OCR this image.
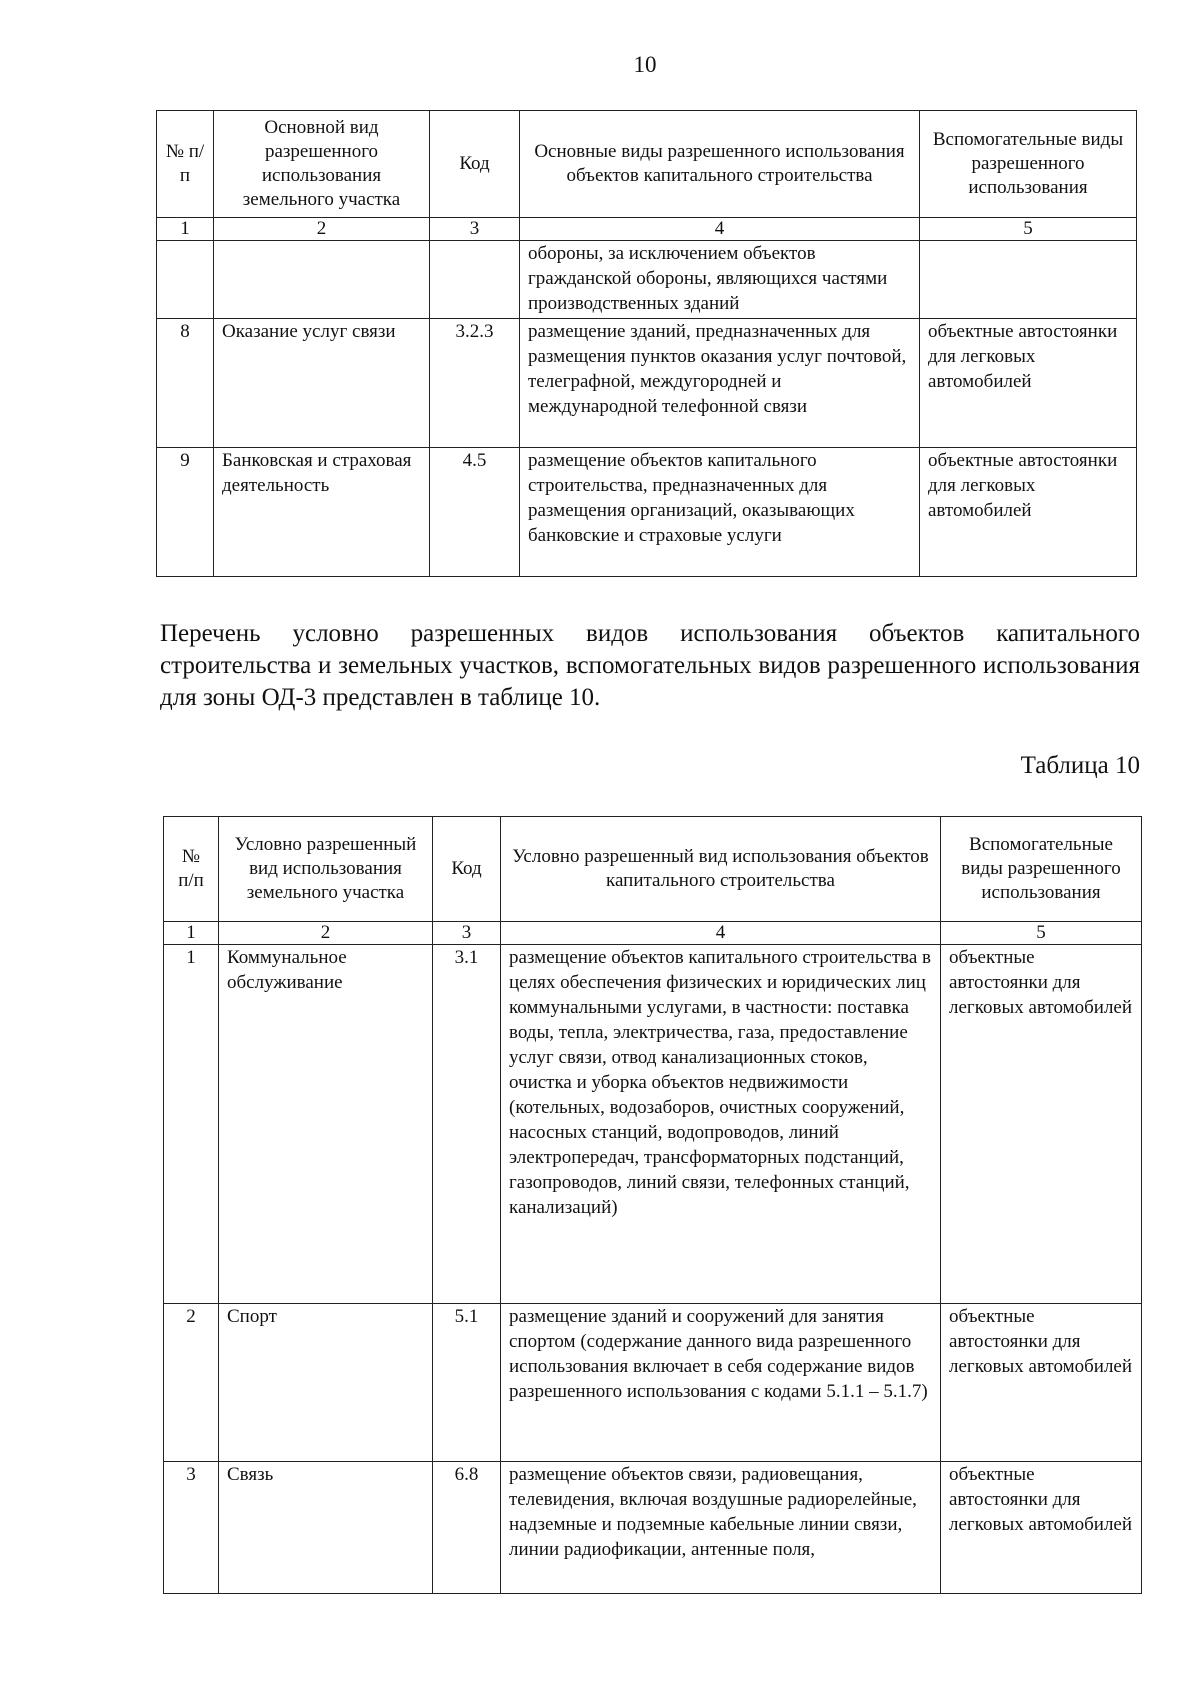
10
№ п/п	Основной вид разрешенного использования земельного участка	Код	Основные виды разрешенного использования объектов капитального строительства	Вспомогательные виды разрешенного использования
1	2	3	4	5
			обороны, за исключением объектов гражданской обороны, являющихся частями производственных зданий	
8	Оказание услуг связи	3.2.3	размещение зданий, предназначенных для размещения пунктов оказания услуг почтовой, телеграфной, междугородней и международной телефонной связи	объектные автостоянки для легковых автомобилей
9	Банковская и страховая деятельность	4.5	размещение объектов капитального строительства, предназначенных для размещения организаций, оказывающих банковские и страховые услуги	объектные автостоянки для легковых автомобилей

Перечень условно разрешенных видов использования объектов капитального строительства и земельных участков, вспомогательных видов разрешенного использования для зоны ОД-3 представлен в таблице 10.

Таблица 10
№ п/п	Условно разрешенный вид использования земельного участка	Код	Условно разрешенный вид использования объектов капитального строительства	Вспомогательные виды разрешенного использования
1	2	3	4	5
1	Коммунальное обслуживание	3.1	размещение объектов капитального строительства в целях обеспечения физических и юридических лиц коммунальными услугами, в частности: поставка воды, тепла, электричества, газа, предоставление услуг связи, отвод канализационных стоков, очистка и уборка объектов недвижимости (котельных, водозаборов, очистных сооружений, насосных станций, водопроводов, линий электропередач, трансформаторных подстанций, газопроводов, линий связи, телефонных станций, канализаций)	объектные автостоянки для легковых автомобилей
2	Спорт	5.1	размещение зданий и сооружений для занятия спортом (содержание данного вида разрешенного использования включает в себя содержание видов разрешенного использования с кодами 5.1.1 – 5.1.7)	объектные автостоянки для легковых автомобилей
3	Связь	6.8	размещение объектов связи, радиовещания, телевидения, включая воздушные радиорелейные, надземные и подземные кабельные линии связи, линии радиофикации, антенные поля,	объектные автостоянки для легковых автомобилей
